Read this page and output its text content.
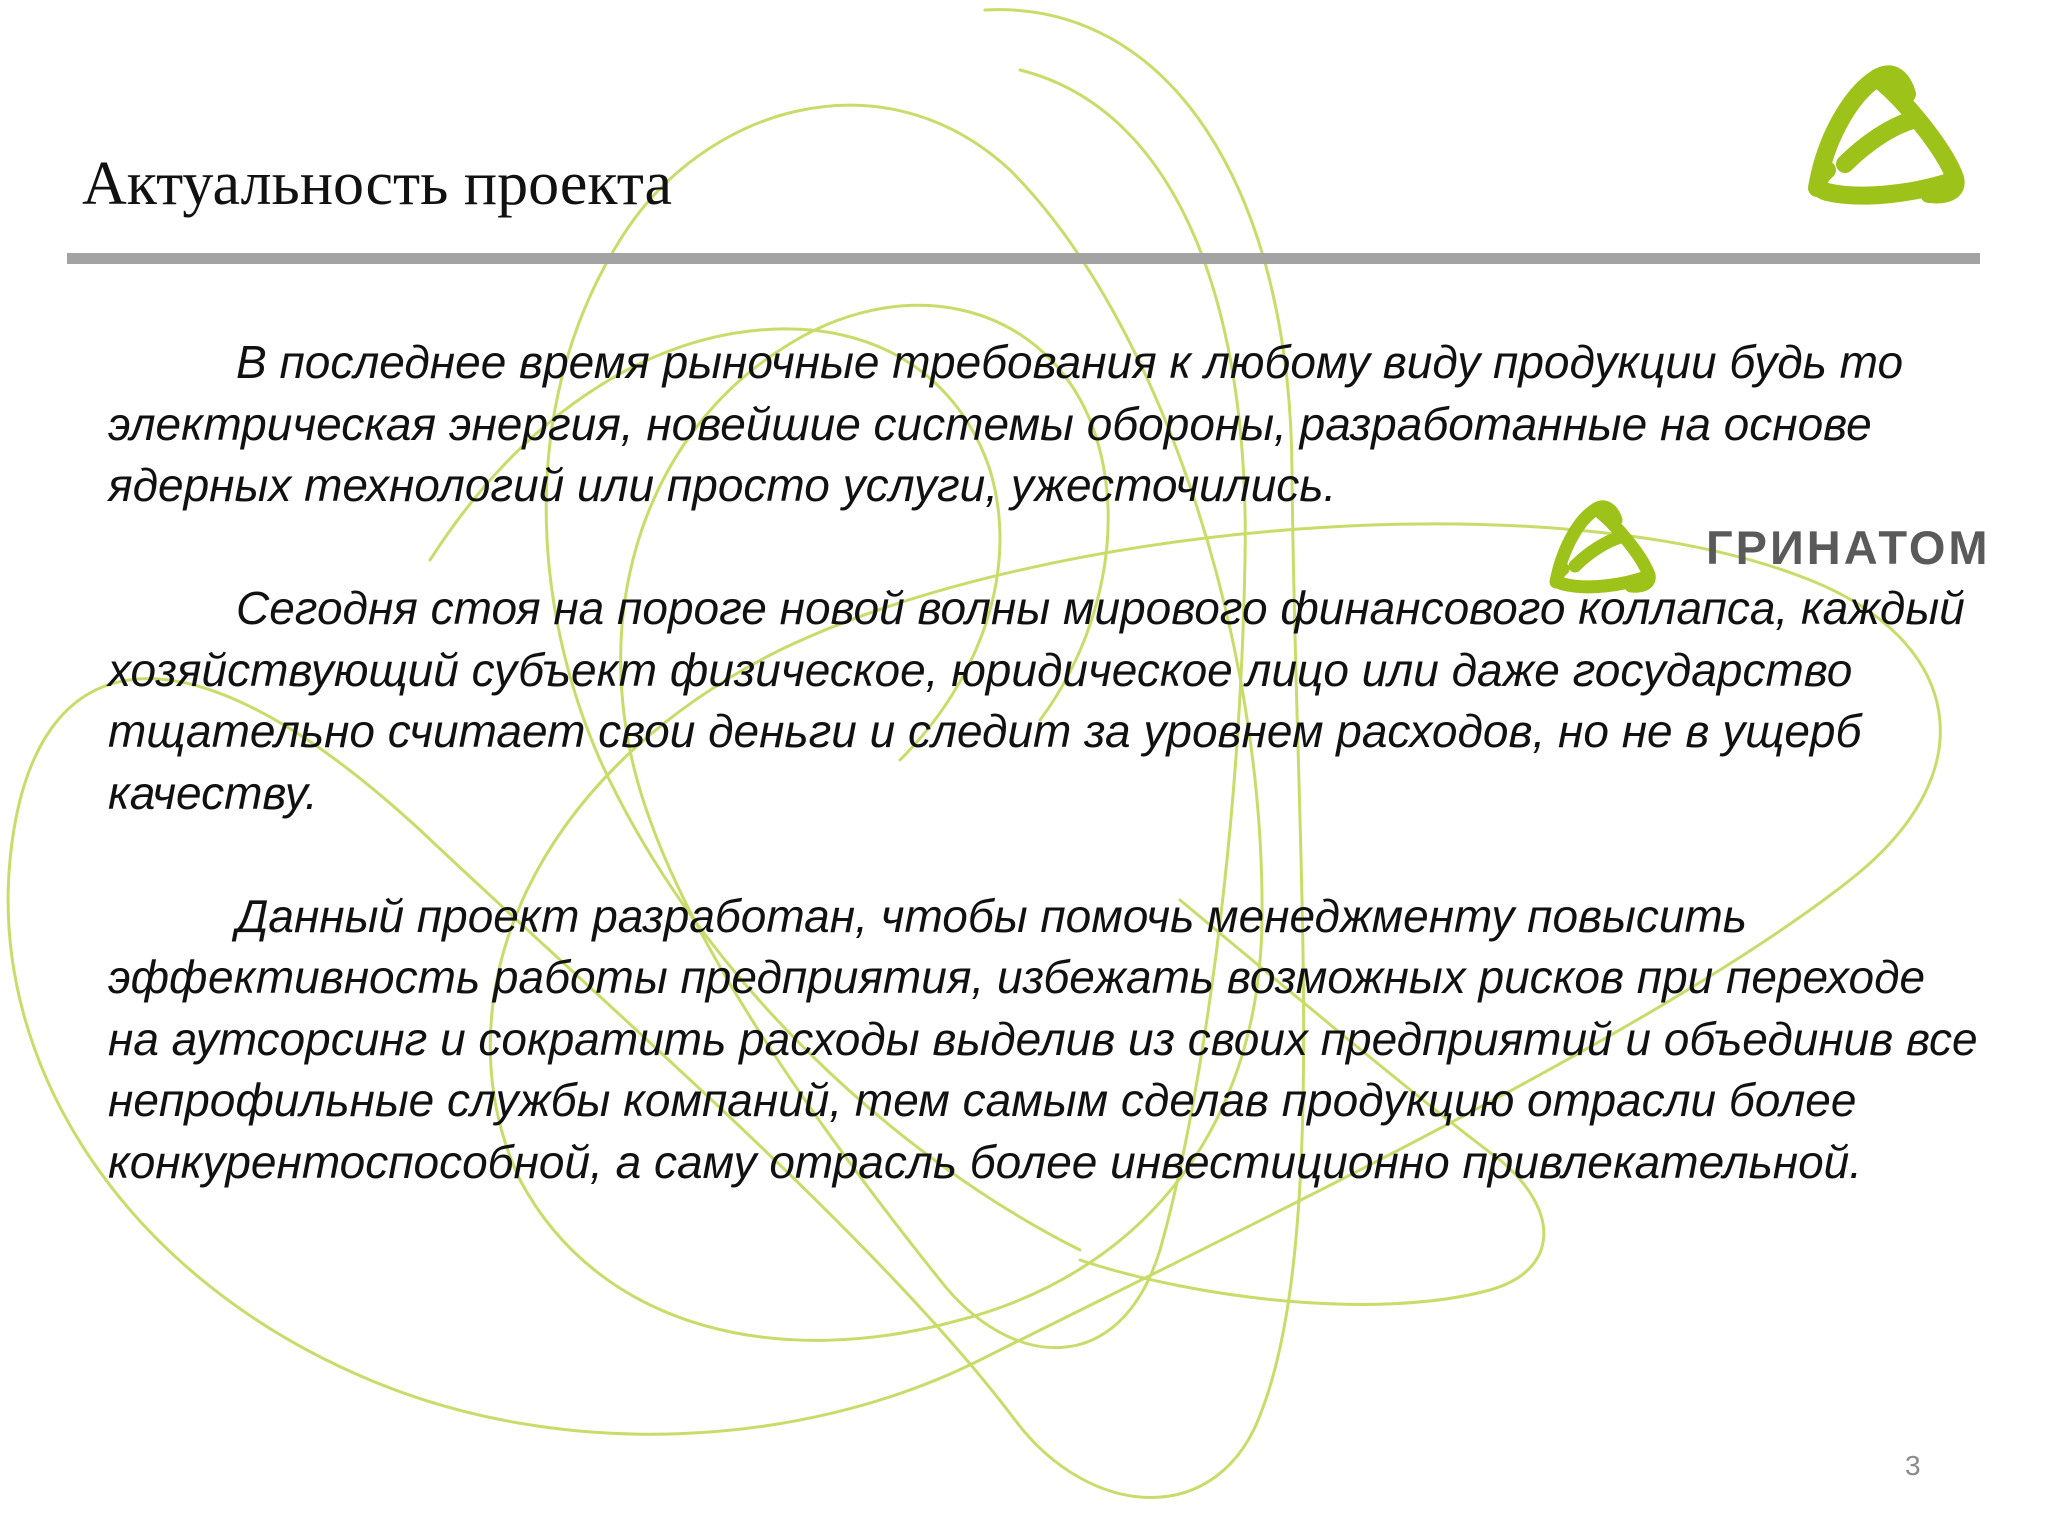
Актуальность проекта
ГРИНАТОМ

В последнее время рыночные требования к любому виду продукции будь то электрическая энергия, новейшие системы обороны, разработанные на основе ядерных технологий или просто услуги, ужесточились.

Сегодня стоя на пороге новой волны мирового финансового коллапса, каждый хозяйствующий субъект физическое, юридическое лицо или даже государство тщательно считает свои деньги и следит за уровнем расходов, но не в ущерб качеству.

Данный проект разработан, чтобы помочь менеджменту повысить эффективность работы предприятия, избежать возможных рисков при переходе на аутсорсинг и сократить расходы выделив из своих предприятий и объединив все непрофильные службы компаний, тем самым сделав продукцию отрасли более конкурентоспособной, а саму отрасль более инвестиционно привлекательной.

3
